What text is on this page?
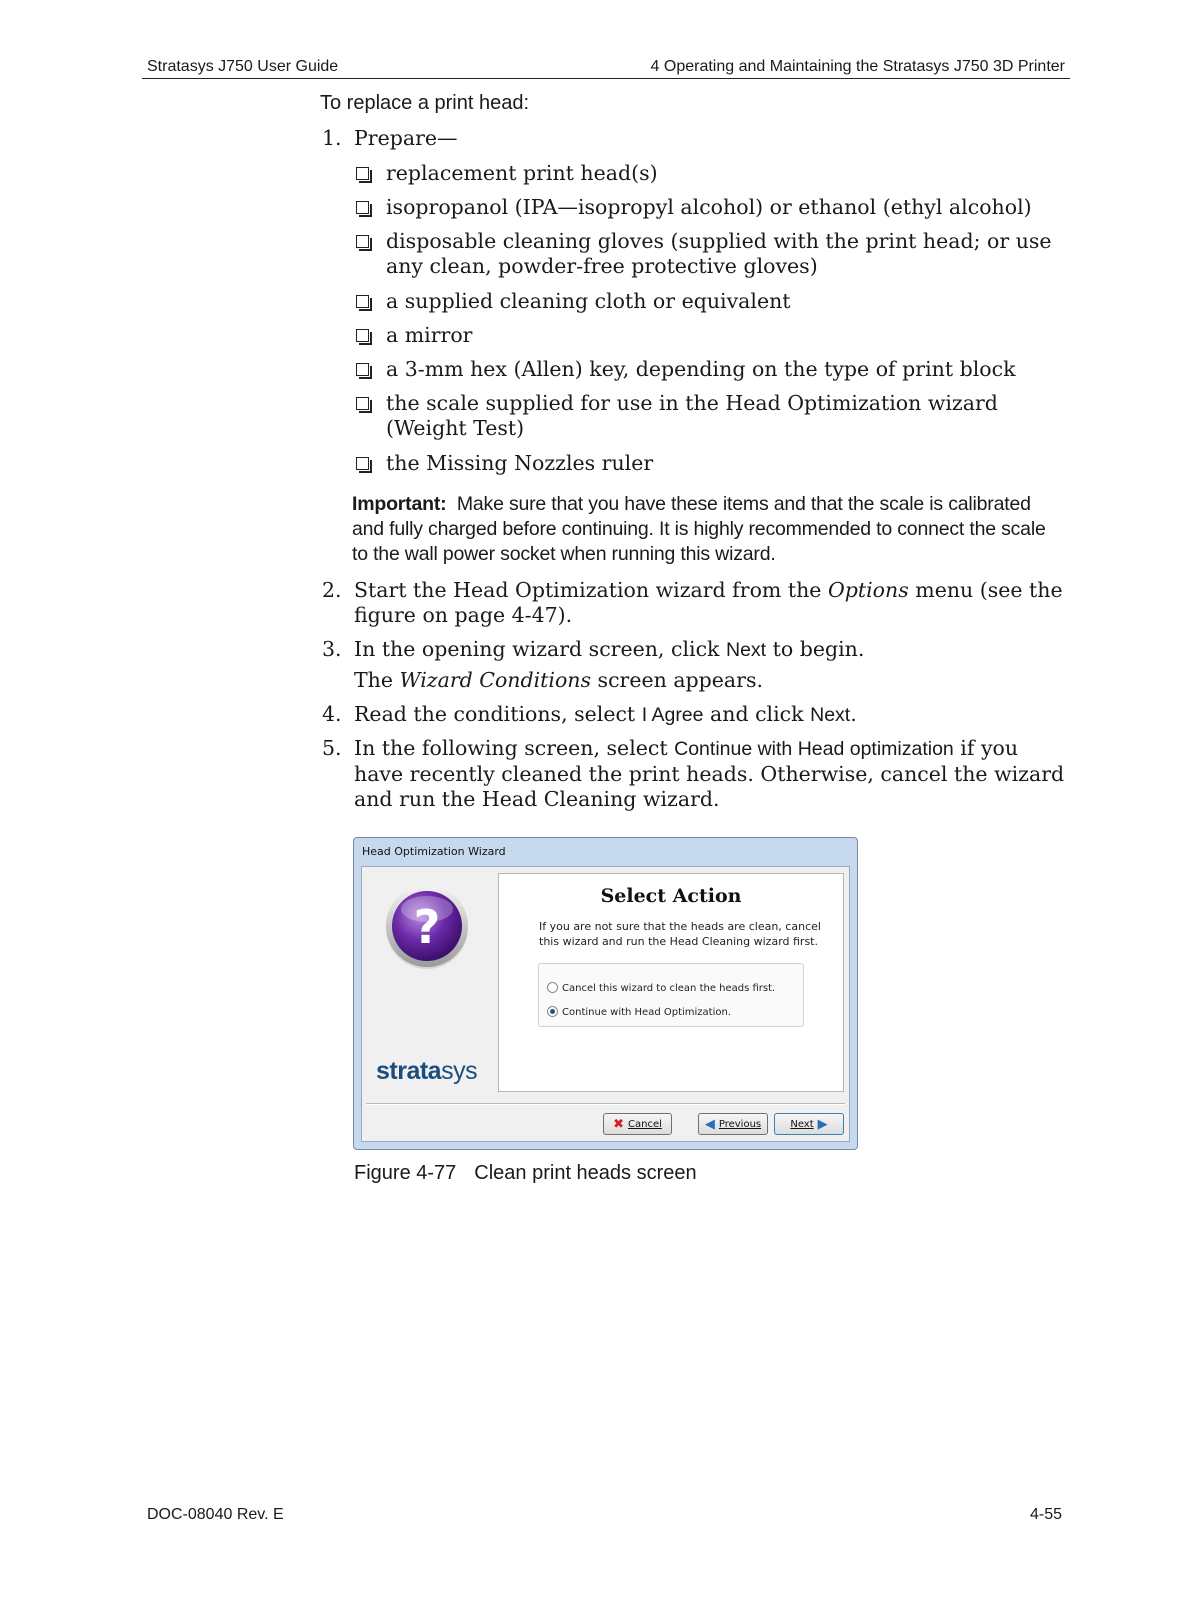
Stratasys J750 User Guide	4 Operating and Maintaining the Stratasys J750 3D Printer
To replace a print head:
1. Prepare—
replacement print head(s)
isopropanol (IPA—isopropyl alcohol) or ethanol (ethyl alcohol)
disposable cleaning gloves (supplied with the print head; or use any clean, powder-free protective gloves)
a supplied cleaning cloth or equivalent
a mirror
a 3-mm hex (Allen) key, depending on the type of print block
the scale supplied for use in the Head Optimization wizard (Weight Test)
the Missing Nozzles ruler
Important: Make sure that you have these items and that the scale is calibrated and fully charged before continuing. It is highly recommended to connect the scale to the wall power socket when running this wizard.
2. Start the Head Optimization wizard from the Options menu (see the figure on page 4-47).
3. In the opening wizard screen, click Next to begin.
The Wizard Conditions screen appears.
4. Read the conditions, select I Agree and click Next.
5. In the following screen, select Continue with Head optimization if you have recently cleaned the print heads. Otherwise, cancel the wizard and run the Head Cleaning wizard.
Head Optimization Wizard
?
stratasys
Select Action
If you are not sure that the heads are clean, cancel this wizard and run the Head Cleaning wizard first.
Cancel this wizard to clean the heads first.
Continue with Head Optimization.
✖ Cancel	◀ Previous	Next ▶
Figure 4-77 Clean print heads screen
DOC-08040 Rev. E	4-55
